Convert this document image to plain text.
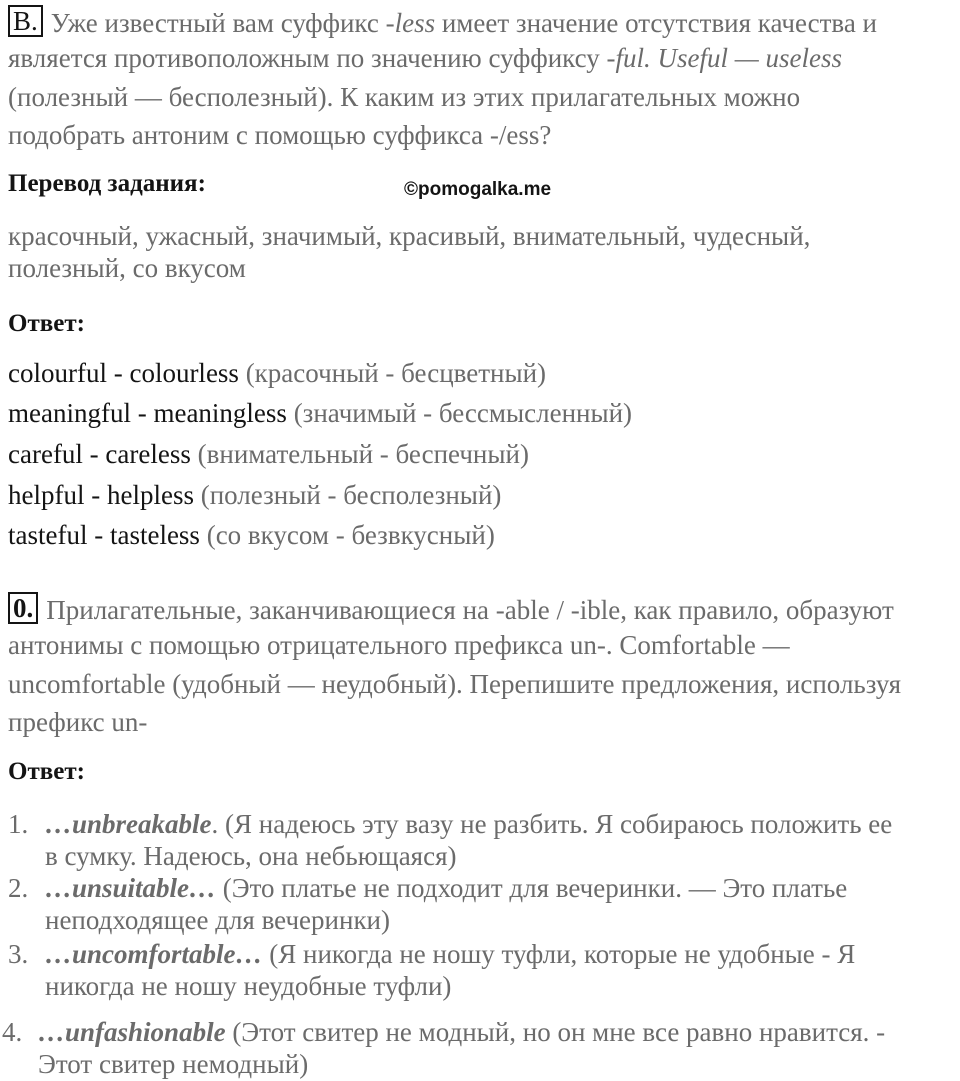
B. Уже известный вам суффикс -less имеет значение отсутствия качества и
является противоположным по значению суффиксу -ful. Useful — useless
(полезный — бесполезный). К каким из этих прилагательных можно
подобрать антоним с помощью суффикса -/ess?
Перевод задания:	©pomogalka.me
красочный, ужасный, значимый, красивый, внимательный, чудесный,
полезный, со вкусом
Ответ:
colourful - colourless (красочный - бесцветный)
meaningful - meaningless (значимый - бессмысленный)
careful - careless (внимательный - беспечный)
helpful - helpless (полезный - бесполезный)
tasteful - tasteless (со вкусом - безвкусный)
0. Прилагательные, заканчивающиеся на -able / -ible, как правило, образуют
антонимы с помощью отрицательного префикса un-. Comfortable —
uncomfortable (удобный — неудобный). Перепишите предложения, используя
префикс un-
Ответ:
1. …unbreakable. (Я надеюсь эту вазу не разбить. Я собираюсь положить ее
в сумку. Надеюсь, она небьющаяся)
2. …unsuitable… (Это платье не подходит для вечеринки. — Это платье
неподходящее для вечеринки)
3. …uncomfortable… (Я никогда не ношу туфли, которые не удобные - Я
никогда не ношу неудобные туфли)
4. …unfashionable (Этот свитер не модный, но он мне все равно нравится. -
Этот свитер немодный)
